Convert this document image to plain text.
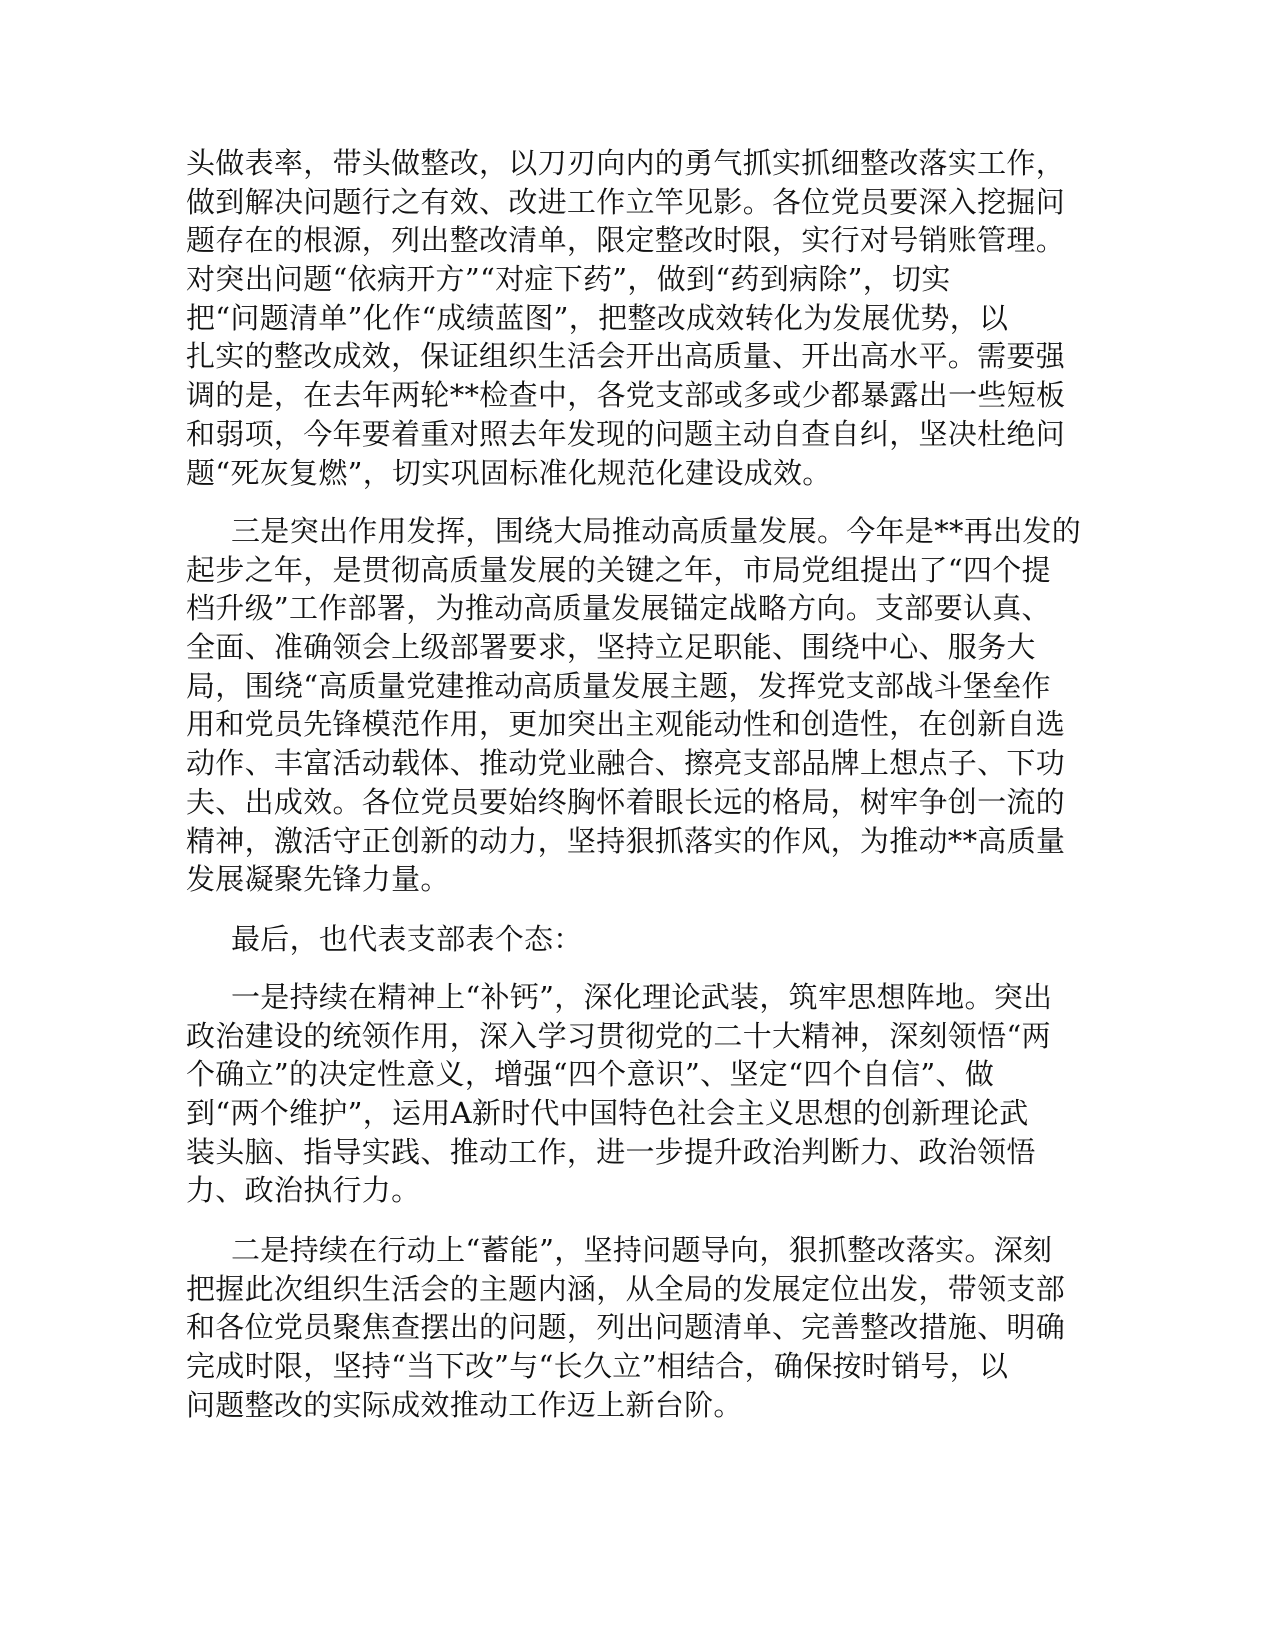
头做表率，带头做整改，以刀刃向内的勇气抓实抓细整改落实工作，
做到解决问题行之有效、改进工作立竿见影。各位党员要深入挖掘问
题存在的根源，列出整改清单，限定整改时限，实行对号销账管理。
对突出问题“依病开方”“对症下药”，做到“药到病除”，切实
把“问题清单”化作“成绩蓝图”，把整改成效转化为发展优势，以
扎实的整改成效，保证组织生活会开出高质量、开出高水平。需要强
调的是，在去年两轮**检查中，各党支部或多或少都暴露出一些短板
和弱项，今年要着重对照去年发现的问题主动自查自纠，坚决杜绝问
题“死灰复燃”，切实巩固标准化规范化建设成效。
三是突出作用发挥，围绕大局推动高质量发展。今年是**再出发的
起步之年，是贯彻高质量发展的关键之年，市局党组提出了“四个提
档升级”工作部署，为推动高质量发展锚定战略方向。支部要认真、
全面、准确领会上级部署要求，坚持立足职能、围绕中心、服务大
局，围绕“高质量党建推动高质量发展主题，发挥党支部战斗堡垒作
用和党员先锋模范作用，更加突出主观能动性和创造性，在创新自选
动作、丰富活动载体、推动党业融合、擦亮支部品牌上想点子、下功
夫、出成效。各位党员要始终胸怀着眼长远的格局，树牢争创一流的
精神，激活守正创新的动力，坚持狠抓落实的作风，为推动**高质量
发展凝聚先锋力量。
最后，也代表支部表个态：
一是持续在精神上“补钙”，深化理论武装，筑牢思想阵地。突出
政治建设的统领作用，深入学习贯彻党的二十大精神，深刻领悟“两
个确立”的决定性意义，增强“四个意识”、坚定“四个自信”、做
到“两个维护”，运用A新时代中国特色社会主义思想的创新理论武
装头脑、指导实践、推动工作，进一步提升政治判断力、政治领悟
力、政治执行力。
二是持续在行动上“蓄能”，坚持问题导向，狠抓整改落实。深刻
把握此次组织生活会的主题内涵，从全局的发展定位出发，带领支部
和各位党员聚焦查摆出的问题，列出问题清单、完善整改措施、明确
完成时限，坚持“当下改”与“长久立”相结合，确保按时销号，以
问题整改的实际成效推动工作迈上新台阶。
